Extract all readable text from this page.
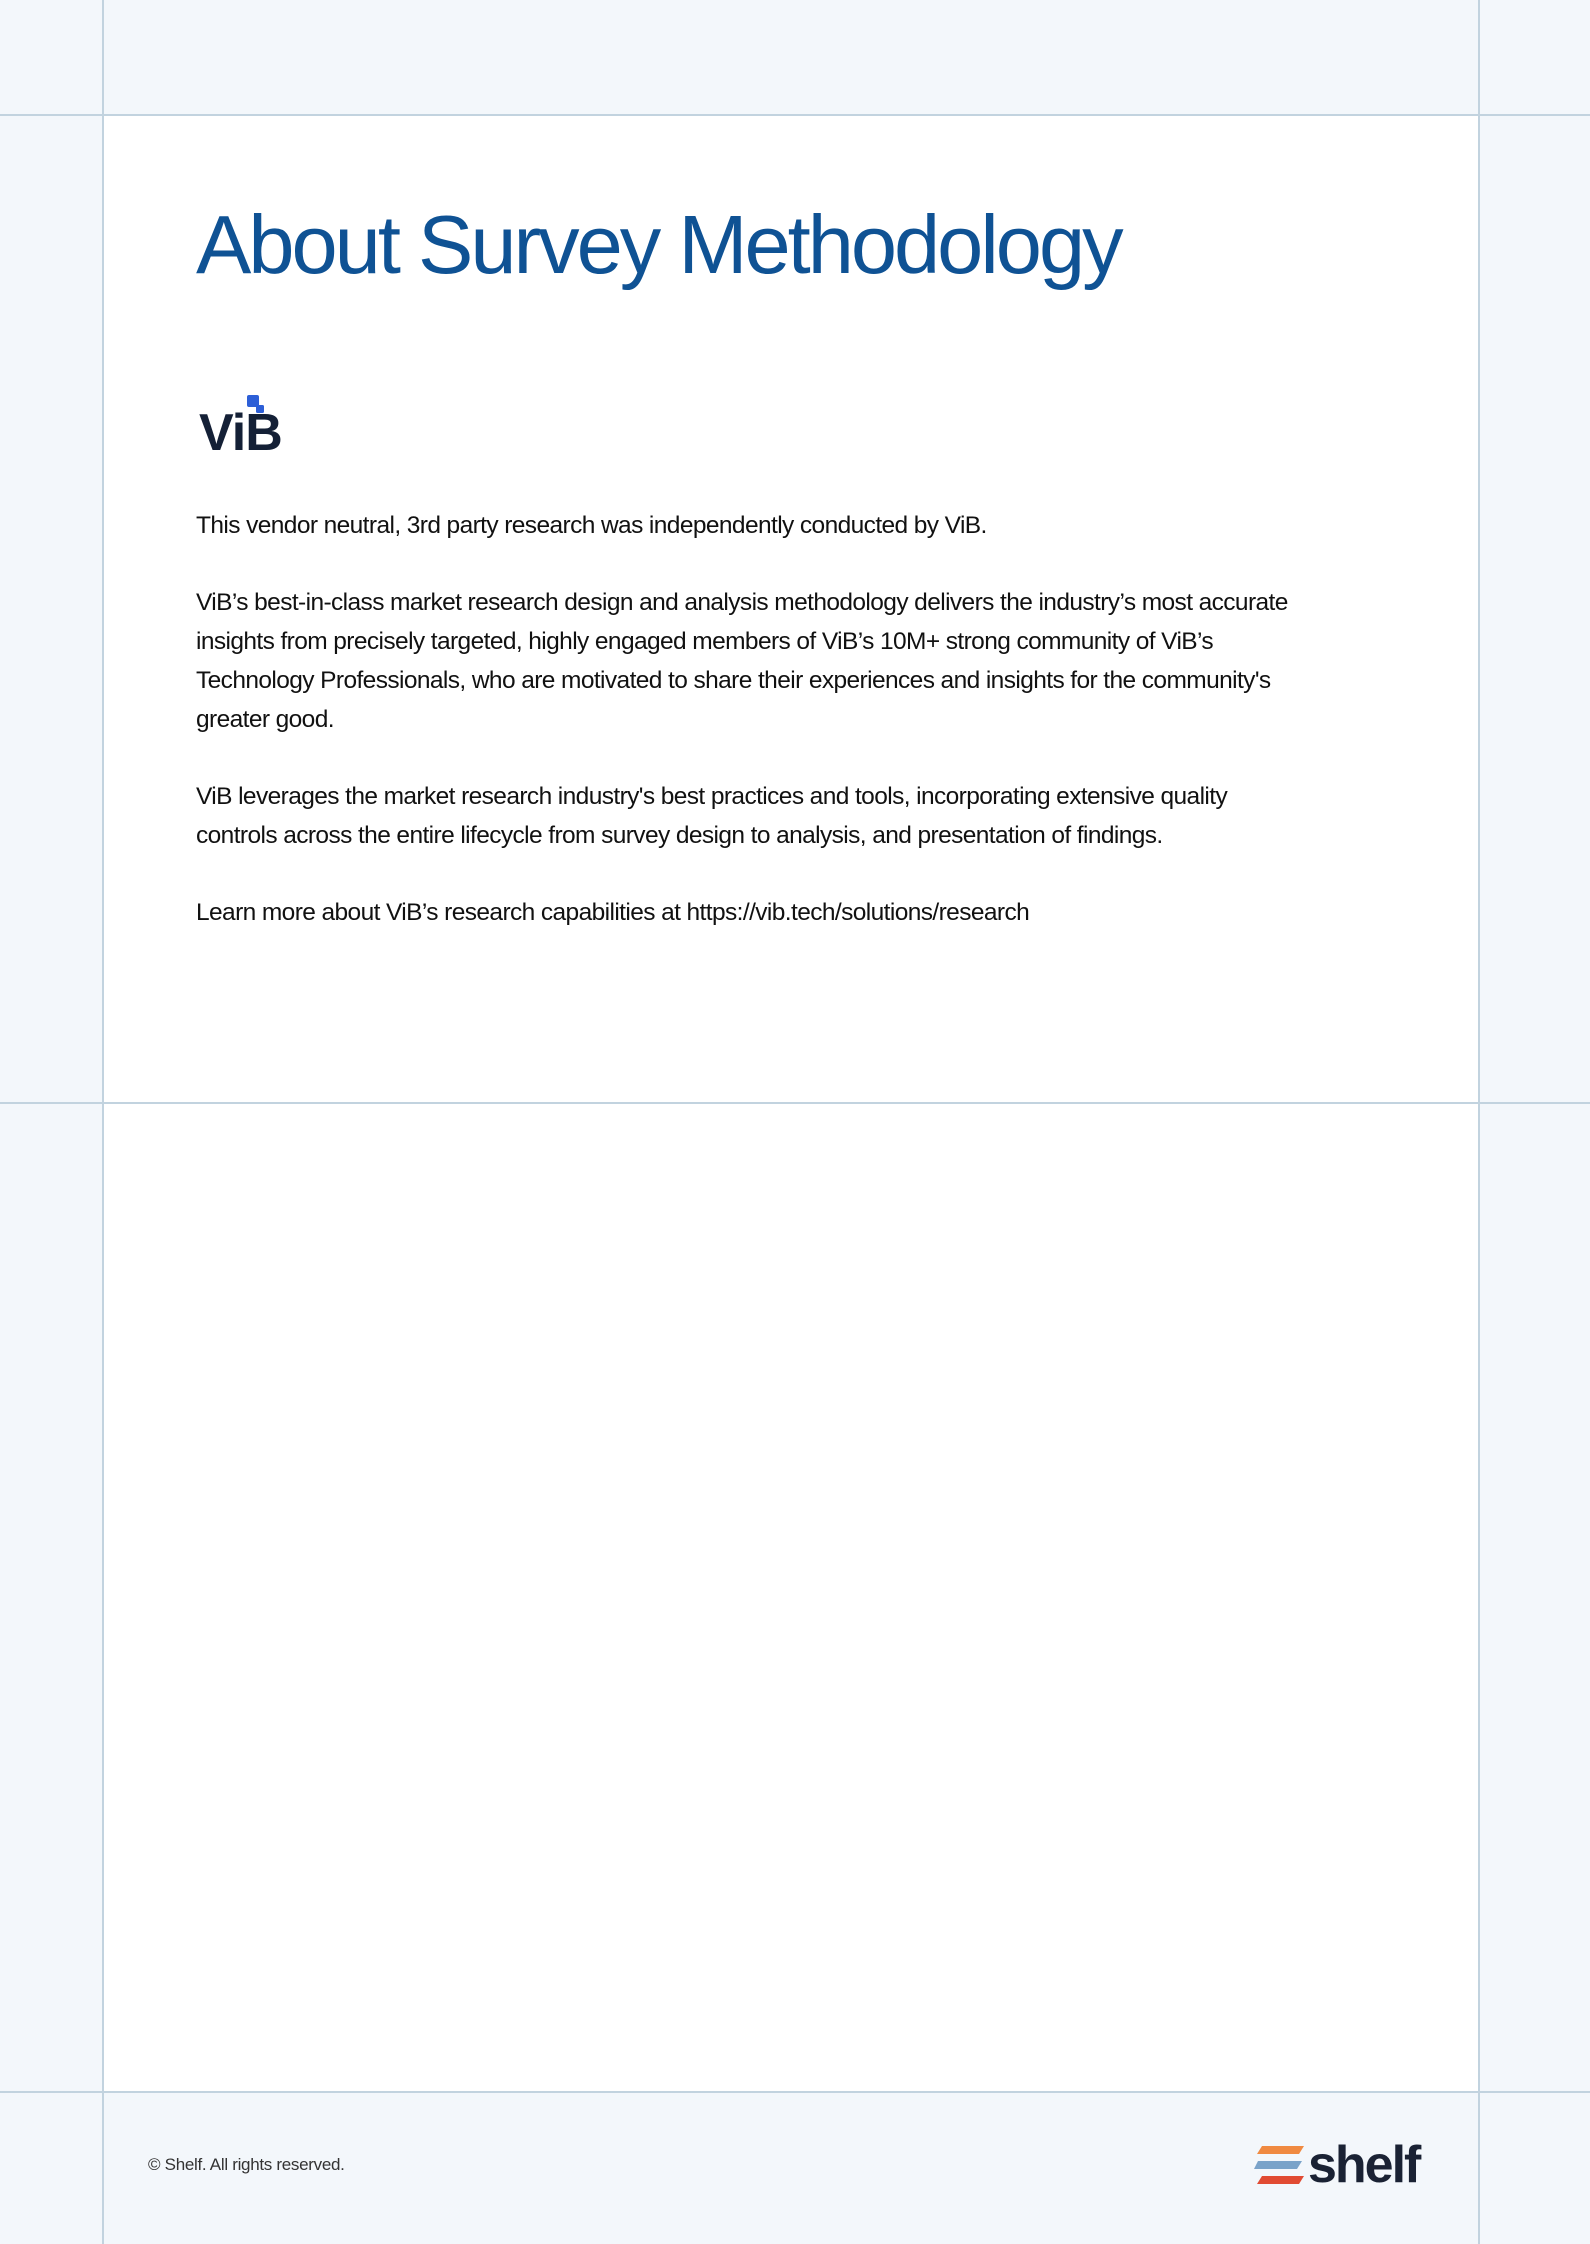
About Survey Methodology
ViB

This vendor neutral, 3rd party research was independently conducted by ViB.

ViB’s best-in-class market research design and analysis methodology delivers the industry’s most accurate insights from precisely targeted, highly engaged members of ViB’s 10M+ strong community of ViB’s Technology Professionals, who are motivated to share their experiences and insights for the community's greater good.

ViB leverages the market research industry's best practices and tools, incorporating extensive quality controls across the entire lifecycle from survey design to analysis, and presentation of findings.

Learn more about ViB’s research capabilities at https://vib.tech/solutions/research

© Shelf. All rights reserved.	shelf
